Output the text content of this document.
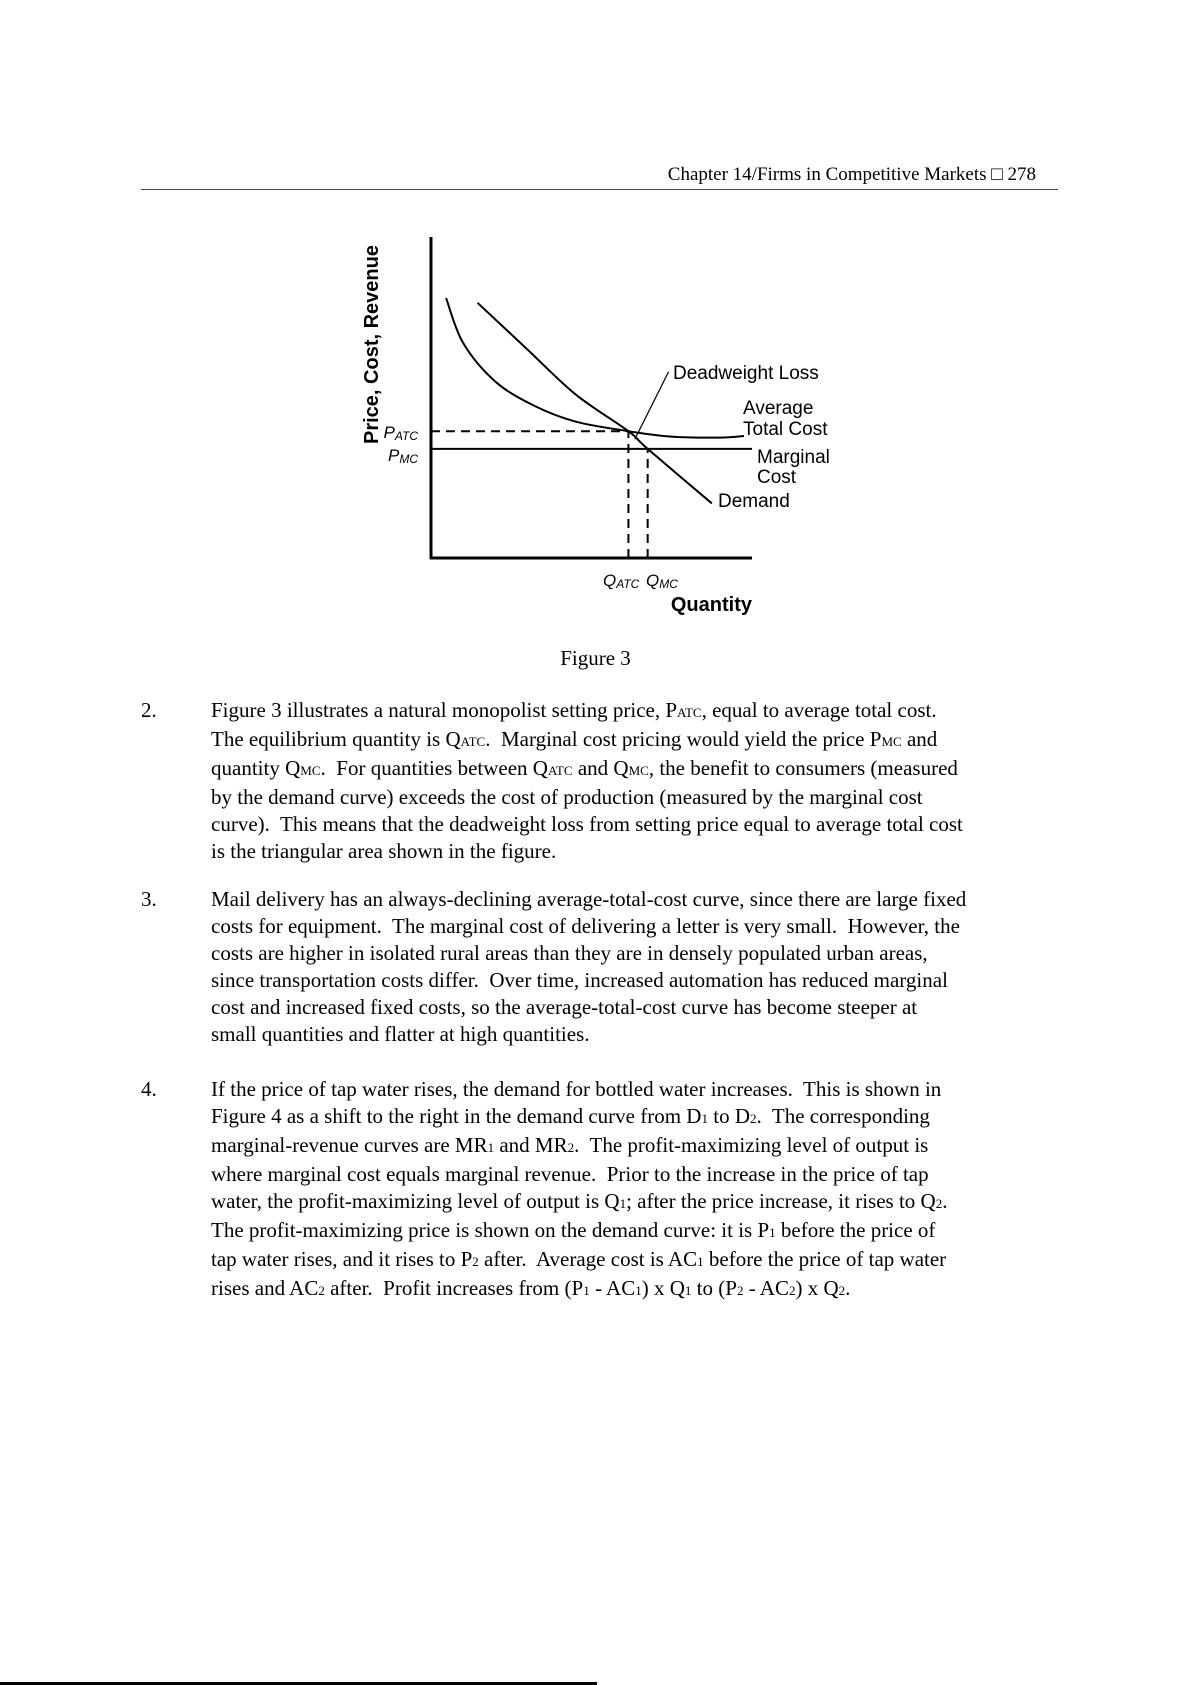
Chapter 14/Firms in Competitive Markets □ 278
Price, Cost, Revenue
Quantity
PATC
PMC
QATC QMC
Deadweight Loss
Average
Total Cost
Marginal
Cost
Demand
Figure 3
2.	Figure 3 illustrates a natural monopolist setting price, PATC, equal to average total cost.
The equilibrium quantity is QATC.  Marginal cost pricing would yield the price PMC and
quantity QMC.  For quantities between QATC and QMC, the benefit to consumers (measured
by the demand curve) exceeds the cost of production (measured by the marginal cost
curve).  This means that the deadweight loss from setting price equal to average total cost
is the triangular area shown in the figure.
3.	Mail delivery has an always-declining average-total-cost curve, since there are large fixed
costs for equipment.  The marginal cost of delivering a letter is very small.  However, the
costs are higher in isolated rural areas than they are in densely populated urban areas,
since transportation costs differ.  Over time, increased automation has reduced marginal
cost and increased fixed costs, so the average-total-cost curve has become steeper at
small quantities and flatter at high quantities.
4.	If the price of tap water rises, the demand for bottled water increases.  This is shown in
Figure 4 as a shift to the right in the demand curve from D1 to D2.  The corresponding
marginal-revenue curves are MR1 and MR2.  The profit-maximizing level of output is
where marginal cost equals marginal revenue.  Prior to the increase in the price of tap
water, the profit-maximizing level of output is Q1; after the price increase, it rises to Q2.
The profit-maximizing price is shown on the demand curve: it is P1 before the price of
tap water rises, and it rises to P2 after.  Average cost is AC1 before the price of tap water
rises and AC2 after.  Profit increases from (P1 - AC1) x Q1 to (P2 - AC2) x Q2.
